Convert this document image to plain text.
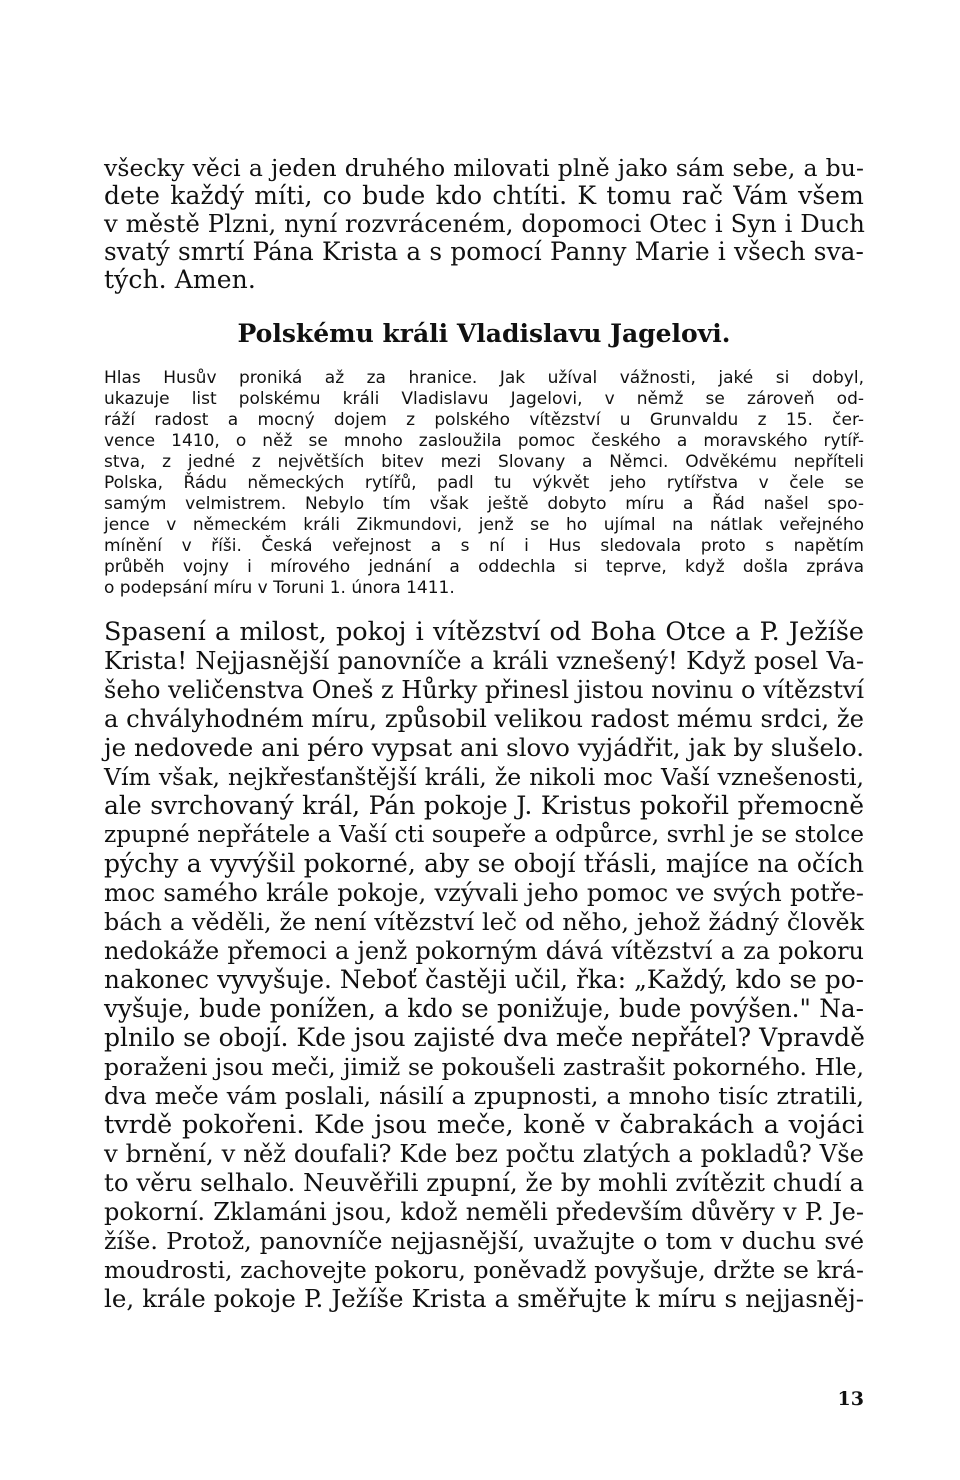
všecky věci a jeden druhého milovati plně jako sám sebe, a bu-
dete každý míti, co bude kdo chtíti. K tomu rač Vám všem
v městě Plzni, nyní rozvráceném, dopomoci Otec i Syn i Duch
svatý smrtí Pána Krista a s pomocí Panny Marie i všech sva-
tých. Amen.
Polskému králi Vladislavu Jagelovi.
Hlas Husův proniká až za hranice. Jak užíval vážnosti, jaké si dobyl,
ukazuje list polskému králi Vladislavu Jagelovi, v němž se zároveň od-
ráží radost a mocný dojem z polského vítězství u Grunvaldu z 15. čer-
vence 1410, o něž se mnoho zasloužila pomoc českého a moravského rytíř-
stva, z jedné z největších bitev mezi Slovany a Němci. Odvěkému nepříteli
Polska, Řádu německých rytířů, padl tu výkvět jeho rytířstva v čele se
samým velmistrem. Nebylo tím však ještě dobyto míru a Řád našel spo-
jence v německém králi Zikmundovi, jenž se ho ujímal na nátlak veřejného
mínění v říši. Česká veřejnost a s ní i Hus sledovala proto s napětím
průběh vojny i mírového jednání a oddechla si teprve, když došla zpráva
o podepsání míru v Toruni 1. února 1411.
Spasení a milost, pokoj i vítězství od Boha Otce a P. Ježíše
Krista! Nejjasnější panovníče a králi vznešený! Když posel Va-
šeho veličenstva Oneš z Hůrky přinesl jistou novinu o vítězství
a chvályhodném míru, způsobil velikou radost mému srdci, že
je nedovede ani péro vypsat ani slovo vyjádřit, jak by slušelo.
Vím však, nejkřesťanštější králi, že nikoli moc Vaší vznešenosti,
ale svrchovaný král, Pán pokoje J. Kristus pokořil přemocně
zpupné nepřátele a Vaší cti soupeře a odpůrce, svrhl je se stolce
pýchy a vyvýšil pokorné, aby se obojí třásli, majíce na očích
moc samého krále pokoje, vzývali jeho pomoc ve svých potře-
bách a věděli, že není vítězství leč od něho, jehož žádný člověk
nedokáže přemoci a jenž pokorným dává vítězství a za pokoru
nakonec vyvyšuje. Neboť častěji učil, řka: „Každý, kdo se po-
vyšuje, bude ponížen, a kdo se ponižuje, bude povýšen." Na-
plnilo se obojí. Kde jsou zajisté dva meče nepřátel? Vpravdě
poraženi jsou meči, jimiž se pokoušeli zastrašit pokorného. Hle,
dva meče vám poslali, násilí a zpupnosti, a mnoho tisíc ztratili,
tvrdě pokořeni. Kde jsou meče, koně v čabrakách a vojáci
v brnění, v něž doufali? Kde bez počtu zlatých a pokladů? Vše
to věru selhalo. Neuvěřili zpupní, že by mohli zvítězit chudí a
pokorní. Zklamáni jsou, kdož neměli především důvěry v P. Je-
žíše. Protož, panovníče nejjasnější, uvažujte o tom v duchu své
moudrosti, zachovejte pokoru, poněvadž povyšuje, držte se krá-
le, krále pokoje P. Ježíše Krista a směřujte k míru s nejjasněj-
13
